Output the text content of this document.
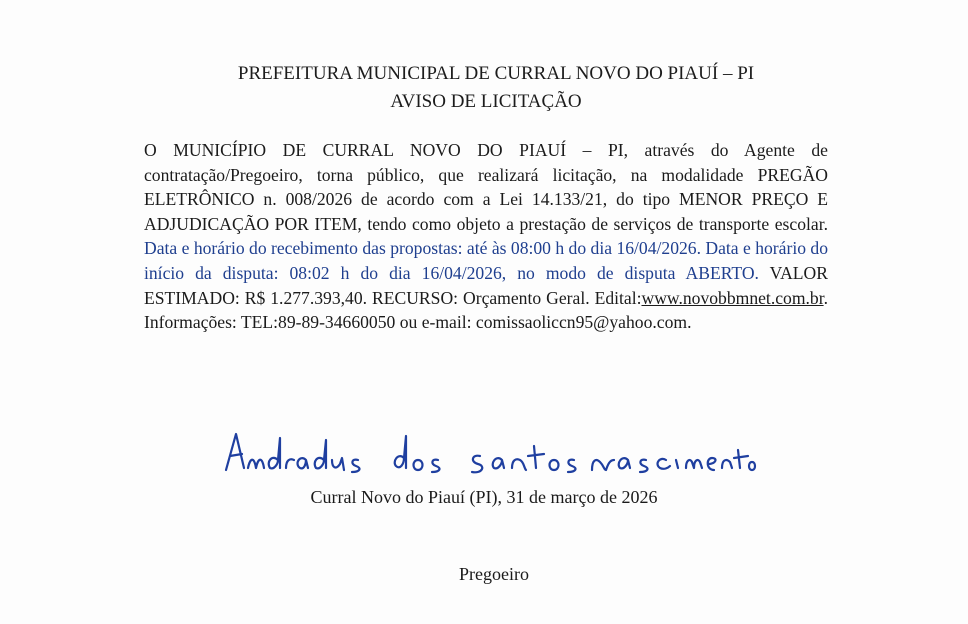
PREFEITURA MUNICIPAL DE CURRAL NOVO DO PIAUÍ – PI
AVISO DE LICITAÇÃO
O MUNICÍPIO DE CURRAL NOVO DO PIAUÍ – PI, através do Agente de contratação/Pregoeiro, torna público, que realizará licitação, na modalidade PREGÃO ELETRÔNICO n. 008/2026 de acordo com a Lei 14.133/21, do tipo MENOR PREÇO E ADJUDICAÇÃO POR ITEM, tendo como objeto a prestação de serviços de transporte escolar. Data e horário do recebimento das propostas: até às 08:00 h do dia 16/04/2026. Data e horário do início da disputa: 08:02 h do dia 16/04/2026, no modo de disputa ABERTO. VALOR ESTIMADO: R$ 1.277.393,40. RECURSO: Orçamento Geral. Edital:www.novobbmnet.com.br. Informações: TEL:89-89-34660050 ou e-mail: comissaoliccn95@yahoo.com.
Curral Novo do Piauí (PI), 31 de março de 2026
Pregoeiro
